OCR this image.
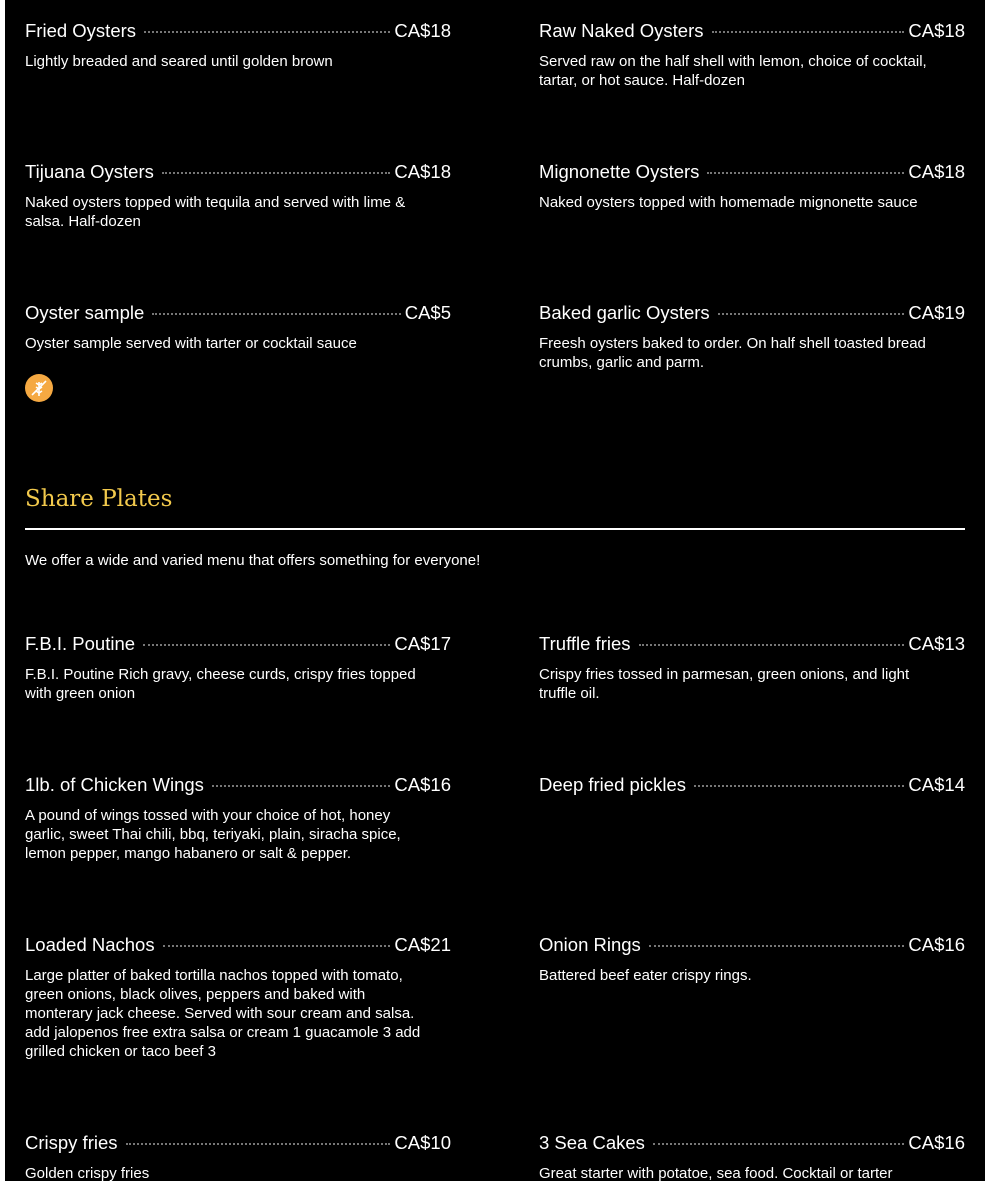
Fried Oysters	CA$18
Lightly breaded and seared until golden brown
Raw Naked Oysters	CA$18
Served raw on the half shell with lemon, choice of cocktail, tartar, or hot sauce. Half-dozen
Tijuana Oysters	CA$18
Naked oysters topped with tequila and served with lime & salsa. Half-dozen
Mignonette Oysters	CA$18
Naked oysters topped with homemade mignonette sauce
Oyster sample	CA$5
Oyster sample served with tarter or cocktail sauce
Baked garlic Oysters	CA$19
Freesh oysters baked to order. On half shell toasted bread crumbs, garlic and parm.
Share Plates
We offer a wide and varied menu that offers something for everyone!
F.B.I. Poutine	CA$17
F.B.I. Poutine Rich gravy, cheese curds, crispy fries topped with green onion
Truffle fries	CA$13
Crispy fries tossed in parmesan, green onions, and light truffle oil.
1lb. of Chicken Wings	CA$16
A pound of wings tossed with your choice of hot, honey garlic, sweet Thai chili, bbq, teriyaki, plain, siracha spice, lemon pepper, mango habanero or salt & pepper.
Deep fried pickles	CA$14
Loaded Nachos	CA$21
Large platter of baked tortilla nachos topped with tomato, green onions, black olives, peppers and baked with monterary jack cheese. Served with sour cream and salsa. add jalopenos free extra salsa or cream 1 guacamole 3 add grilled chicken or taco beef 3
Onion Rings	CA$16
Battered beef eater crispy rings.
Crispy fries	CA$10
Golden crispy fries
3 Sea Cakes	CA$16
Great starter with potatoe, sea food. Cocktail or tarter
